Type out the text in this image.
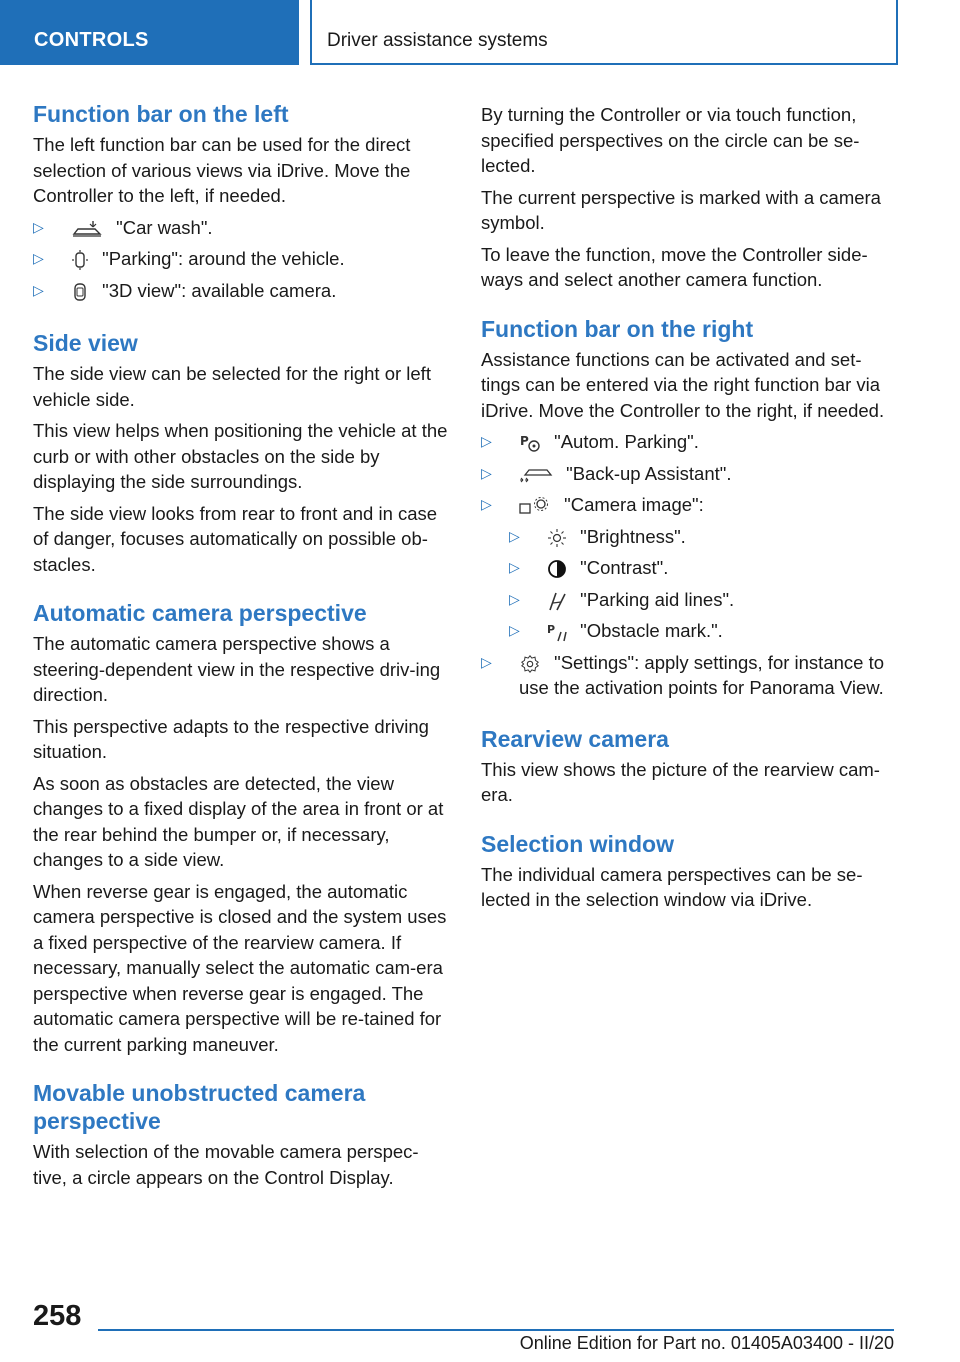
CONTROLS	Driver assistance systems
Function bar on the left

The left function bar can be used for the direct selection of various views via iDrive. Move the Controller to the left, if needed.

▷	"Car wash".
▷	"Parking": around the vehicle.
▷	"3D view": available camera.
Side view

The side view can be selected for the right or left vehicle side.

This view helps when positioning the vehicle at the curb or with other obstacles on the side by displaying the side surroundings.

The side view looks from rear to front and in case of danger, focuses automatically on possible ob‐stacles.

Automatic camera perspective

The automatic camera perspective shows a steering-dependent view in the respective driv‐ing direction.

This perspective adapts to the respective driving situation.

As soon as obstacles are detected, the view changes to a fixed display of the area in front or at the rear behind the bumper or, if necessary, changes to a side view.

When reverse gear is engaged, the automatic camera perspective is closed and the system uses a fixed perspective of the rearview camera. If necessary, manually select the automatic cam‐era perspective when reverse gear is engaged. The automatic camera perspective will be re‐tained for the current parking maneuver.

Movable unobstructed camera perspective

With selection of the movable camera perspec‐tive, a circle appears on the Control Display.

By turning the Controller or via touch function, specified perspectives on the circle can be se‐lected.

The current perspective is marked with a camera symbol.

To leave the function, move the Controller side‐ways and select another camera function.

Function bar on the right

Assistance functions can be activated and set‐tings can be entered via the right function bar via iDrive. Move the Controller to the right, if needed.

▷ P "Autom. Parking".
▷	"Back-up Assistant".
▷	"Camera image":
▷	"Brightness".
▷	"Contrast".
▷	"Parking aid lines".
▷ P "Obstacle mark.".
▷	"Settings": apply settings, for instance to use the activation points for Panorama View.
Rearview camera

This view shows the picture of the rearview cam‐era.

Selection window

The individual camera perspectives can be se‐lected in the selection window via iDrive.

258
Online Edition for Part no. 01405A03400 - II/20
